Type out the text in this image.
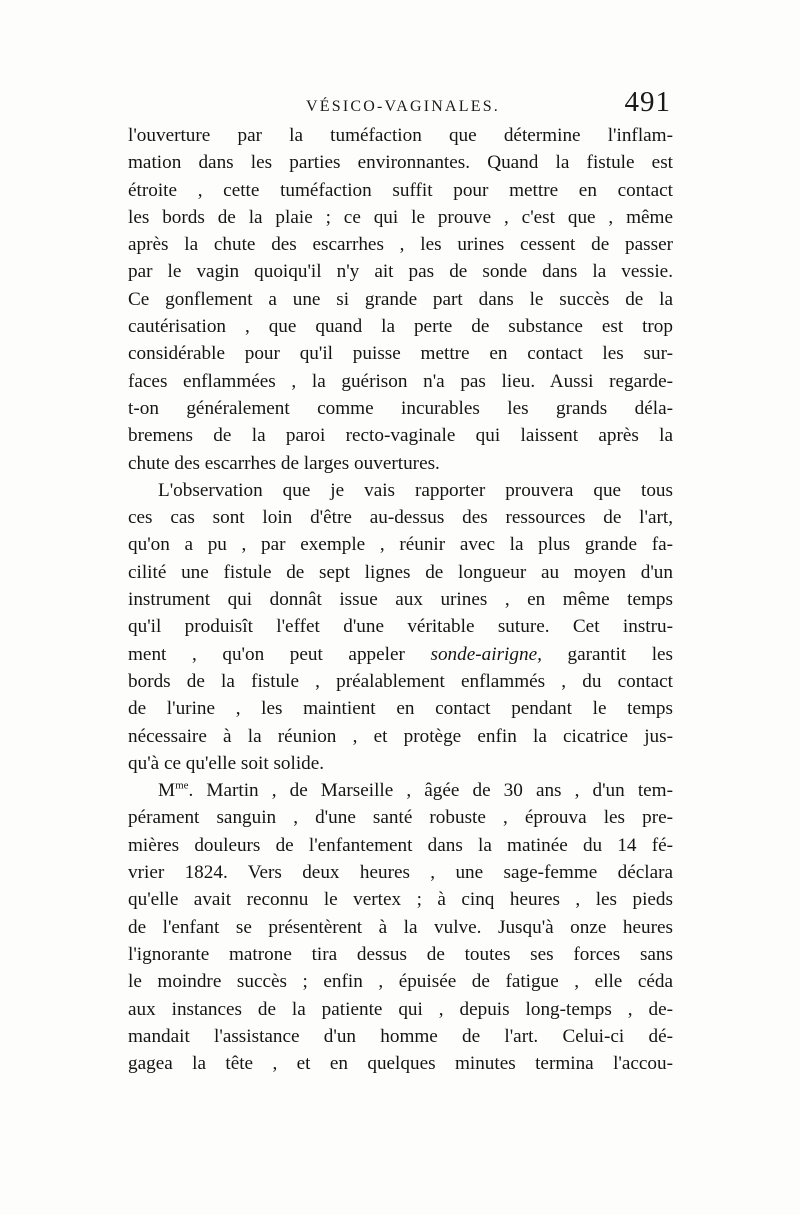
VÉSICO-VAGINALES.	491
l'ouverture par la tuméfaction que détermine l'inflam-
mation dans les parties environnantes. Quand la fistule est
étroite , cette tuméfaction suffit pour mettre en contact
les bords de la plaie ; ce qui le prouve , c'est que , même
après la chute des escarrhes , les urines cessent de passer
par le vagin quoiqu'il n'y ait pas de sonde dans la vessie.
Ce gonflement a une si grande part dans le succès de la
cautérisation , que quand la perte de substance est trop
considérable pour qu'il puisse mettre en contact les sur-
faces enflammées , la guérison n'a pas lieu. Aussi regarde-
t-on généralement comme incurables les grands déla-
bremens de la paroi recto-vaginale qui laissent après la
chute des escarrhes de larges ouvertures.
L'observation que je vais rapporter prouvera que tous
ces cas sont loin d'être au-dessus des ressources de l'art,
qu'on a pu , par exemple , réunir avec la plus grande fa-
cilité une fistule de sept lignes de longueur au moyen d'un
instrument qui donnât issue aux urines , en même temps
qu'il produisît l'effet d'une véritable suture. Cet instru-
ment , qu'on peut appeler sonde-airigne, garantit les
bords de la fistule , préalablement enflammés , du contact
de l'urine , les maintient en contact pendant le temps
nécessaire à la réunion , et protège enfin la cicatrice jus-
qu'à ce qu'elle soit solide.
$M^{me}$. Martin , de Marseille , âgée de 30 ans , d'un tem-
pérament sanguin , d'une santé robuste , éprouva les pre-
mières douleurs de l'enfantement dans la matinée du 14 fé-
vrier 1824. Vers deux heures , une sage-femme déclara
qu'elle avait reconnu le vertex ; à cinq heures , les pieds
de l'enfant se présentèrent à la vulve. Jusqu'à onze heures
l'ignorante matrone tira dessus de toutes ses forces sans
le moindre succès ; enfin , épuisée de fatigue , elle céda
aux instances de la patiente qui , depuis long-temps , de-
mandait l'assistance d'un homme de l'art. Celui-ci dé-
gagea la tête , et en quelques minutes termina l'accou-
